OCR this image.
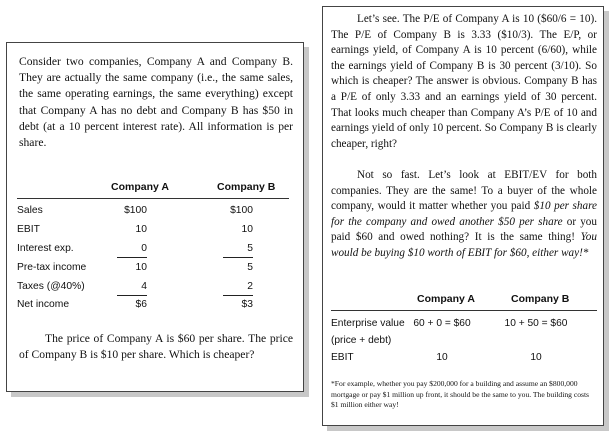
Consider two companies, Company A and Company B. They are actually the same company (i.e., the same sales, the same operating earnings, the same everything) except that Company A has no debt and Company B has $50 in debt (at a 10 percent interest rate). All information is per share.

Company A	Company B
Sales	$100	$100
EBIT	10	10
Interest exp.	0	5
Pre-tax income	10	5
Taxes (@40%)	4	2
Net income	$6	$3

The price of Company A is $60 per share. The price of Company B is $10 per share. Which is cheaper?

Let’s see. The P/E of Company A is 10 ($60/6 = 10). The P/E of Company B is 3.33 ($10/3). The E/P, or earnings yield, of Company A is 10 percent (6/60), while the earnings yield of Company B is 30 percent (3/10). So which is cheaper? The answer is obvious. Company B has a P/E of only 3.33 and an earnings yield of 30 percent. That looks much cheaper than Company A’s P/E of 10 and earnings yield of only 10 percent. So Company B is clearly cheaper, right?

Not so fast. Let’s look at EBIT/EV for both companies. They are the same! To a buyer of the whole company, would it matter whether you paid $10 per share for the company and owed another $50 per share or you paid $60 and owed nothing? It is the same thing! You would be buying $10 worth of EBIT for $60, either way!*

Company A	Company B
Enterprise value
(price + debt)
60 + 0 = $60	10 + 50 = $60
EBIT	10	10

*For example, whether you pay $200,000 for a building and assume an $800,000 mortgage or pay $1 million up front, it should be the same to you. The building costs $1 million either way!
